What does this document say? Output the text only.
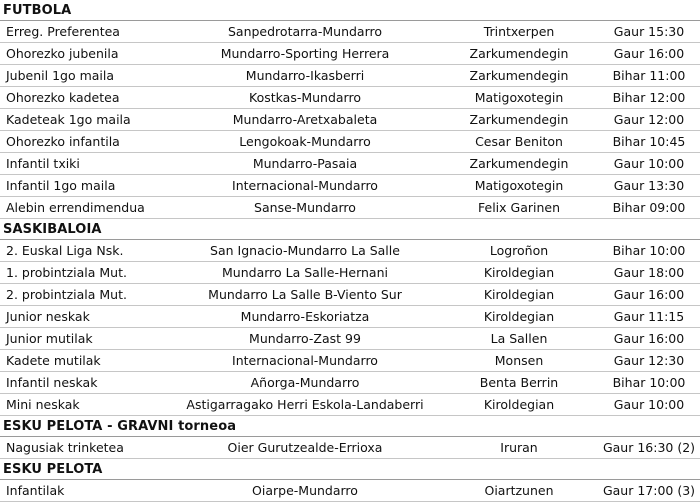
FUTBOLA
Erreg. Preferentea	Sanpedrotarra-Mundarro	Trintxerpen	Gaur 15:30
Ohorezko jubenila	Mundarro-Sporting Herrera	Zarkumendegin	Gaur 16:00
Jubenil 1go maila	Mundarro-Ikasberri	Zarkumendegin	Bihar 11:00
Ohorezko kadetea	Kostkas-Mundarro	Matigoxotegin	Bihar 12:00
Kadeteak 1go maila	Mundarro-Aretxabaleta	Zarkumendegin	Gaur 12:00
Ohorezko infantila	Lengokoak-Mundarro	Cesar Beniton	Bihar 10:45
Infantil txiki	Mundarro-Pasaia	Zarkumendegin	Gaur 10:00
Infantil 1go maila	Internacional-Mundarro	Matigoxotegin	Gaur 13:30
Alebin errendimendua	Sanse-Mundarro	Felix Garinen	Bihar 09:00
SASKIBALOIA
2. Euskal Liga Nsk.	San Ignacio-Mundarro La Salle	Logroñon	Bihar 10:00
1. probintziala Mut.	Mundarro La Salle-Hernani	Kiroldegian	Gaur 18:00
2. probintziala Mut.	Mundarro La Salle B-Viento Sur	Kiroldegian	Gaur 16:00
Junior neskak	Mundarro-Eskoriatza	Kiroldegian	Gaur 11:15
Junior mutilak	Mundarro-Zast 99	La Sallen	Gaur 16:00
Kadete mutilak	Internacional-Mundarro	Monsen	Gaur 12:30
Infantil neskak	Añorga-Mundarro	Benta Berrin	Bihar 10:00
Mini neskak	Astigarragako Herri Eskola-Landaberri	Kiroldegian	Gaur 10:00
ESKU PELOTA - GRAVNI torneoa
Nagusiak trinketea	Oier Gurutzealde-Errioxa	Iruran	Gaur 16:30 (2)
ESKU PELOTA
Infantilak	Oiarpe-Mundarro	Oiartzunen	Gaur 17:00 (3)
